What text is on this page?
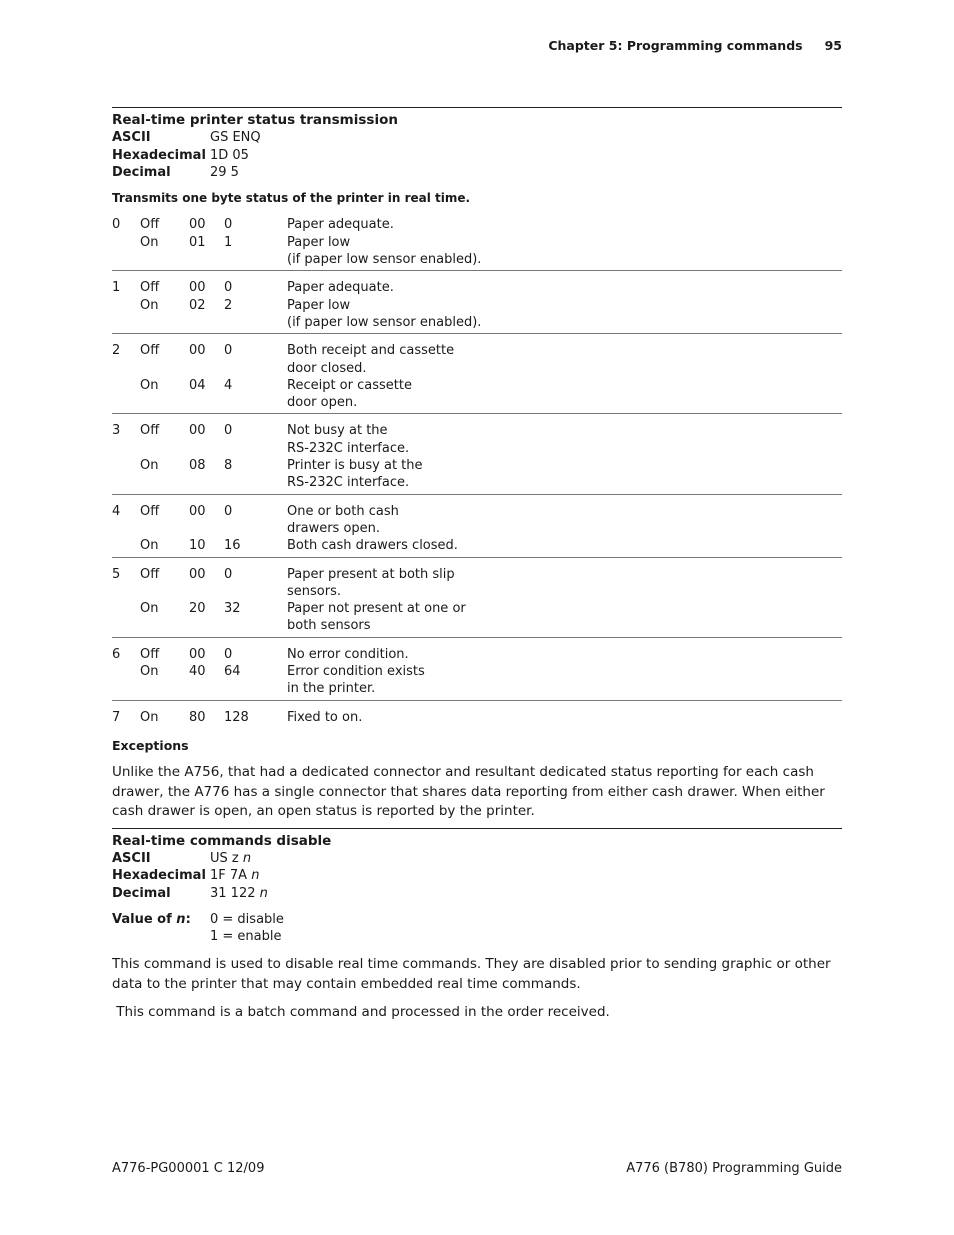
Chapter 5: Programming commands 95
Real-time printer status transmission
ASCII	GS ENQ
Hexadecimal 1D 05
Decimal	29 5
Transmits one byte status of the printer in real time.
0	Off	00	0	Paper adequate.
On	01	1	Paper low
(if paper low sensor enabled).
1	Off	00	0	Paper adequate.
On	02	2	Paper low
(if paper low sensor enabled).
2	Off	00	0	Both receipt and cassette
door closed.
On	04	4	Receipt or cassette
door open.
3	Off	00	0	Not busy at the
RS-232C interface.
On	08	8	Printer is busy at the
RS-232C interface.
4	Off	00	0	One or both cash
drawers open.
On	10	16	Both cash drawers closed.
5	Off	00	0	Paper present at both slip
sensors.
On	20	32	Paper not present at one or
both sensors
6	Off	00	0	No error condition.
On	40	64	Error condition exists
in the printer.
7	On	80	128	Fixed to on.
Exceptions
Unlike the A756, that had a dedicated connector and resultant dedicated status reporting for each cash drawer, the A776 has a single connector that shares data reporting from either cash drawer. When either cash drawer is open, an open status is reported by the printer.
Real-time commands disable
ASCII	US z n
Hexadecimal 1F 7A n
Decimal	31 122 n
Value of n:	0 = disable
1 = enable
This command is used to disable real time commands. They are disabled prior to sending graphic or other data to the printer that may contain embedded real time commands.
This command is a batch command and processed in the order received.
A776-PG00001 C 12/09	A776 (B780) Programming Guide
